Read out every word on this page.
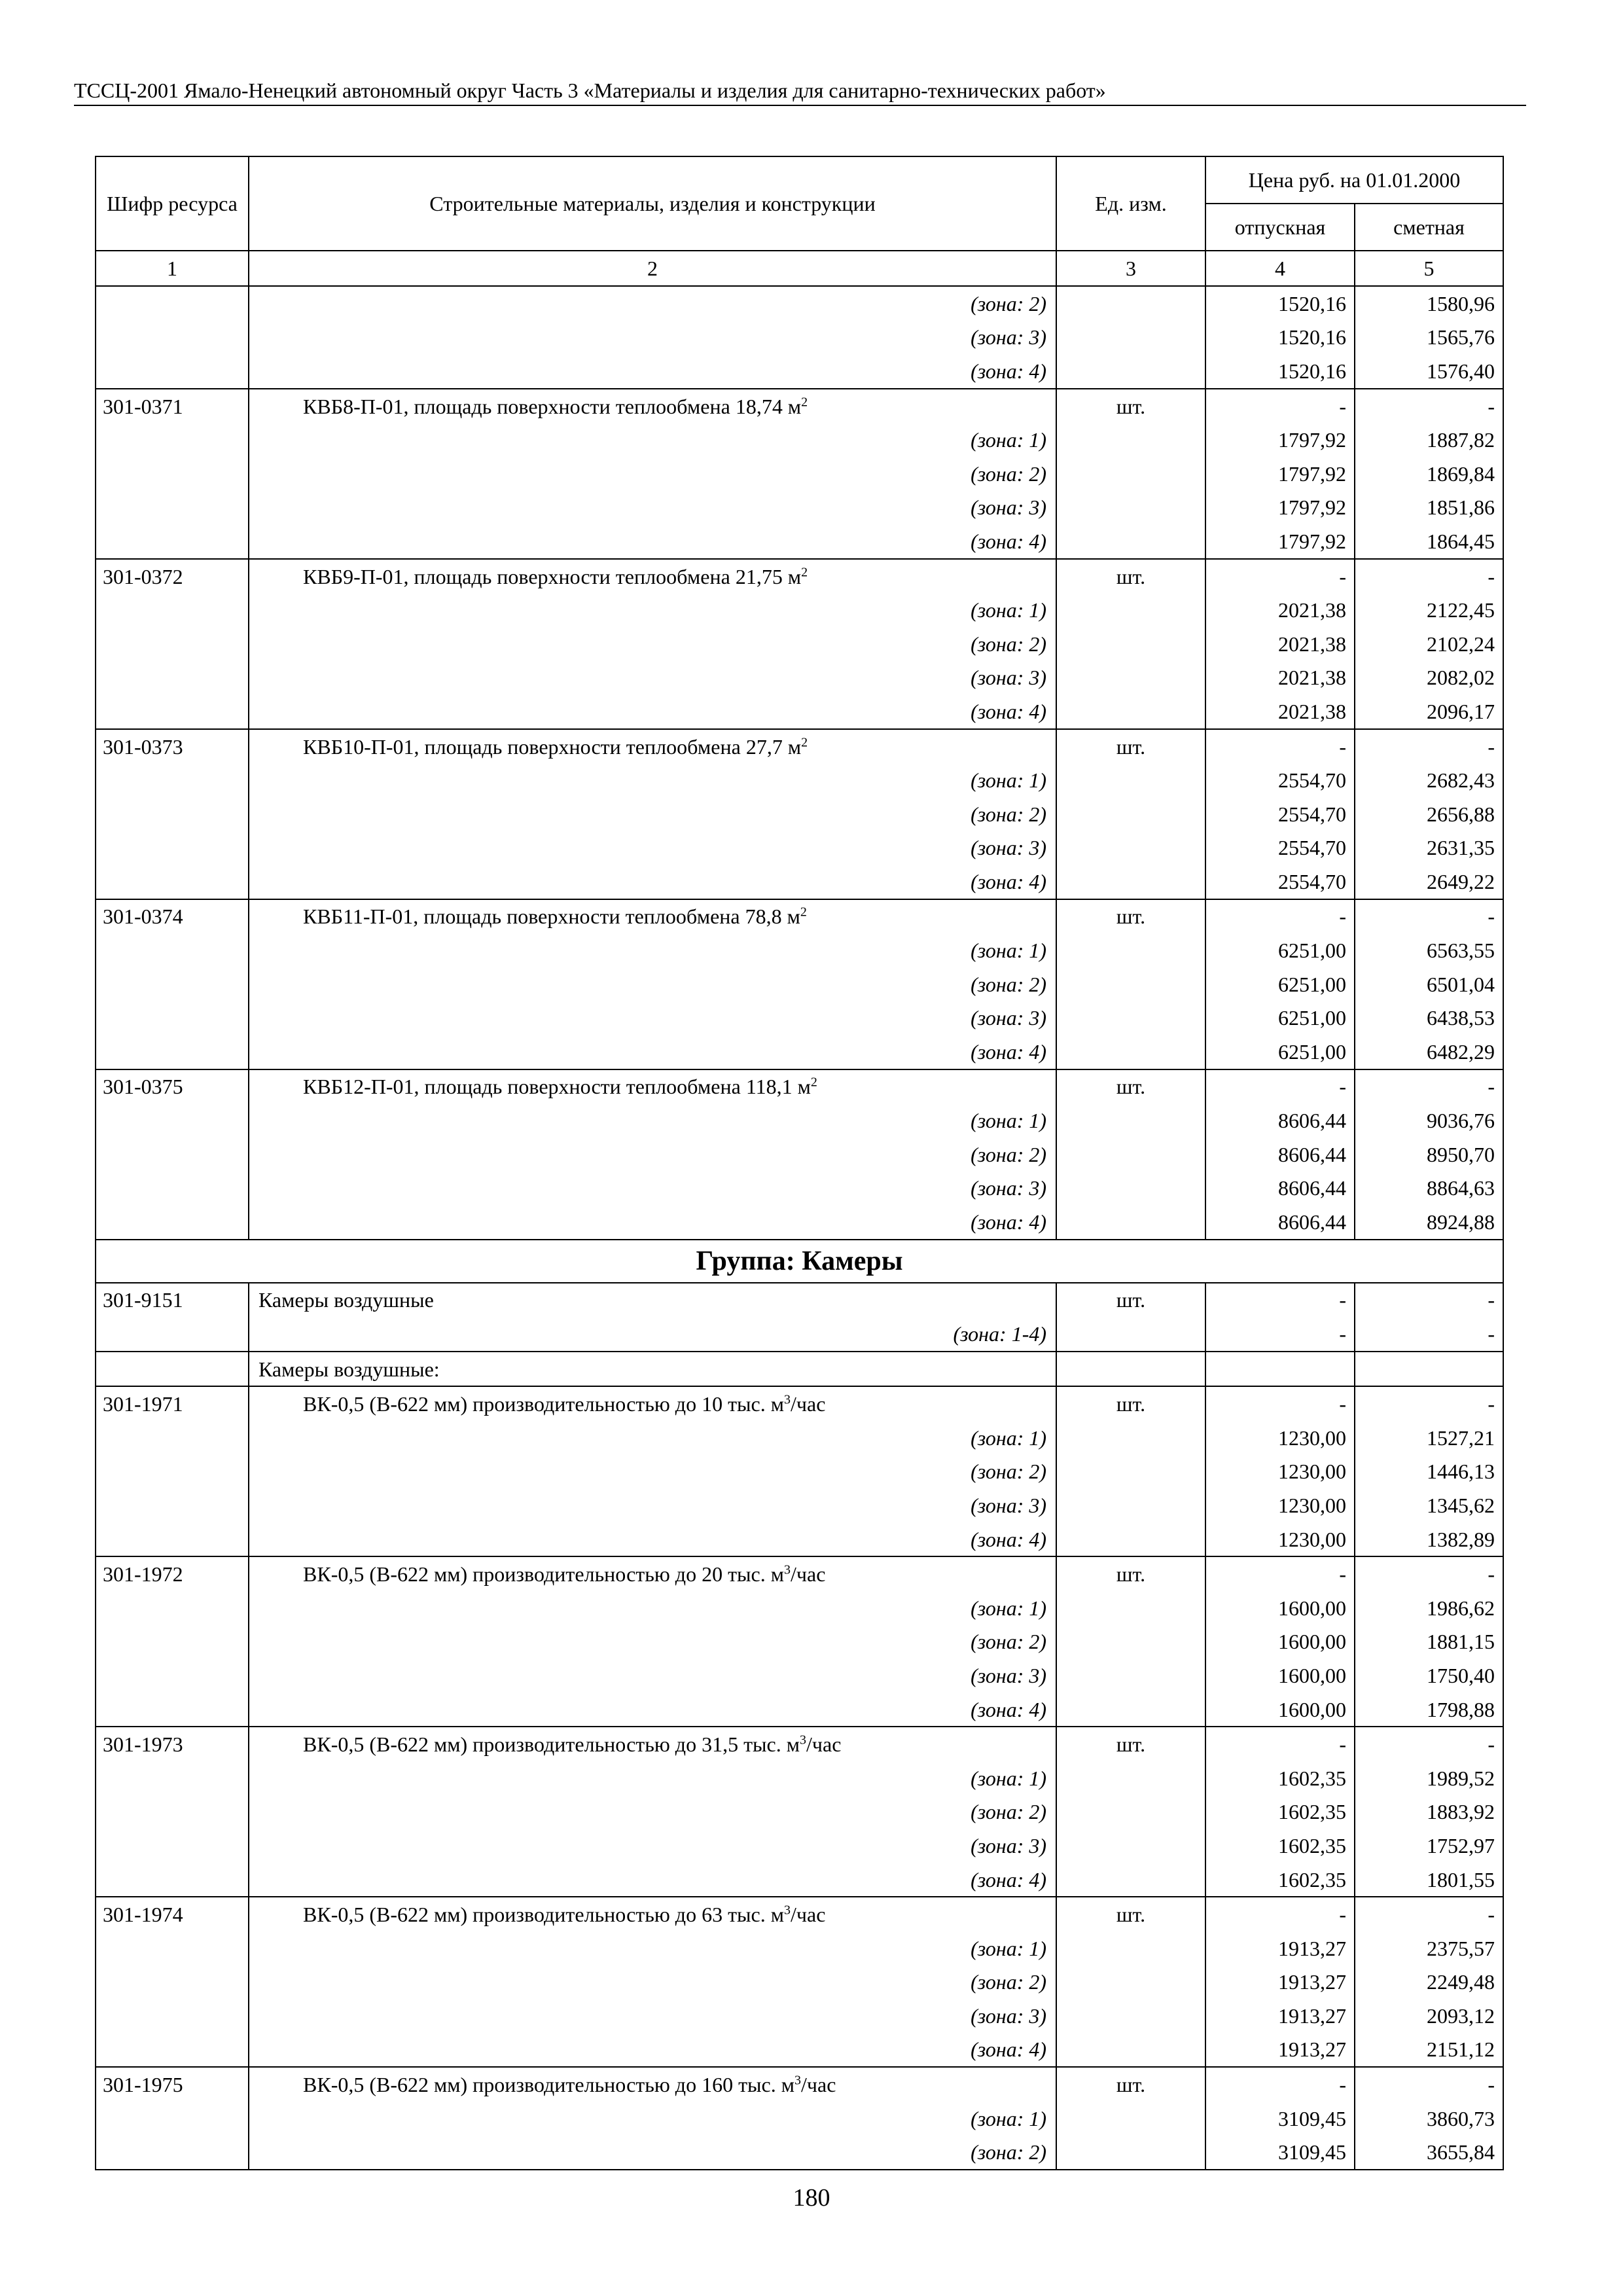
ТССЦ-2001 Ямало-Ненецкий автономный округ Часть 3 «Материалы и изделия для санитарно-технических работ»
Шифр ресурса	Строительные материалы, изделия и конструкции	Ед. изм.	Цена руб. на 01.01.2000	
			отпускная	сметная
1	2	3	4	5
	(зона: 2)		1520,16	1580,96
	(зона: 3)		1520,16	1565,76
	(зона: 4)		1520,16	1576,40
301-0371	КВБ8-П-01, площадь поверхности теплообмена 18,74 $м^2$	шт.	-	-
	(зона: 1)		1797,92	1887,82
	(зона: 2)		1797,92	1869,84
	(зона: 3)		1797,92	1851,86
	(зона: 4)		1797,92	1864,45
301-0372	КВБ9-П-01, площадь поверхности теплообмена 21,75 $м^2$	шт.	-	-
	(зона: 1)		2021,38	2122,45
	(зона: 2)		2021,38	2102,24
	(зона: 3)		2021,38	2082,02
	(зона: 4)		2021,38	2096,17
301-0373	КВБ10-П-01, площадь поверхности теплообмена 27,7 $м^2$	шт.	-	-
	(зона: 1)		2554,70	2682,43
	(зона: 2)		2554,70	2656,88
	(зона: 3)		2554,70	2631,35
	(зона: 4)		2554,70	2649,22
301-0374	КВБ11-П-01, площадь поверхности теплообмена 78,8 $м^2$	шт.	-	-
	(зона: 1)		6251,00	6563,55
	(зона: 2)		6251,00	6501,04
	(зона: 3)		6251,00	6438,53
	(зона: 4)		6251,00	6482,29
301-0375	КВБ12-П-01, площадь поверхности теплообмена 118,1 $м^2$	шт.	-	-
	(зона: 1)		8606,44	9036,76
	(зона: 2)		8606,44	8950,70
	(зона: 3)		8606,44	8864,63
	(зона: 4)		8606,44	8924,88
Группа: Камеры				
301-9151	Камеры воздушные	шт.	-	-
	(зона: 1-4)		-	-
	Камеры воздушные:			
301-1971	ВК-0,5 (В-622 мм) производительностью до 10 тыс. $м^3$/час	шт.	-	-
	(зона: 1)		1230,00	1527,21
	(зона: 2)		1230,00	1446,13
	(зона: 3)		1230,00	1345,62
	(зона: 4)		1230,00	1382,89
301-1972	ВК-0,5 (В-622 мм) производительностью до 20 тыс. $м^3$/час	шт.	-	-
	(зона: 1)		1600,00	1986,62
	(зона: 2)		1600,00	1881,15
	(зона: 3)		1600,00	1750,40
	(зона: 4)		1600,00	1798,88
301-1973	ВК-0,5 (В-622 мм) производительностью до 31,5 тыс. $м^3$/час	шт.	-	-
	(зона: 1)		1602,35	1989,52
	(зона: 2)		1602,35	1883,92
	(зона: 3)		1602,35	1752,97
	(зона: 4)		1602,35	1801,55
301-1974	ВК-0,5 (В-622 мм) производительностью до 63 тыс. $м^3$/час	шт.	-	-
	(зона: 1)		1913,27	2375,57
	(зона: 2)		1913,27	2249,48
	(зона: 3)		1913,27	2093,12
	(зона: 4)		1913,27	2151,12
301-1975	ВК-0,5 (В-622 мм) производительностью до 160 тыс. $м^3$/час	шт.	-	-
	(зона: 1)		3109,45	3860,73
	(зона: 2)		3109,45	3655,84
180
